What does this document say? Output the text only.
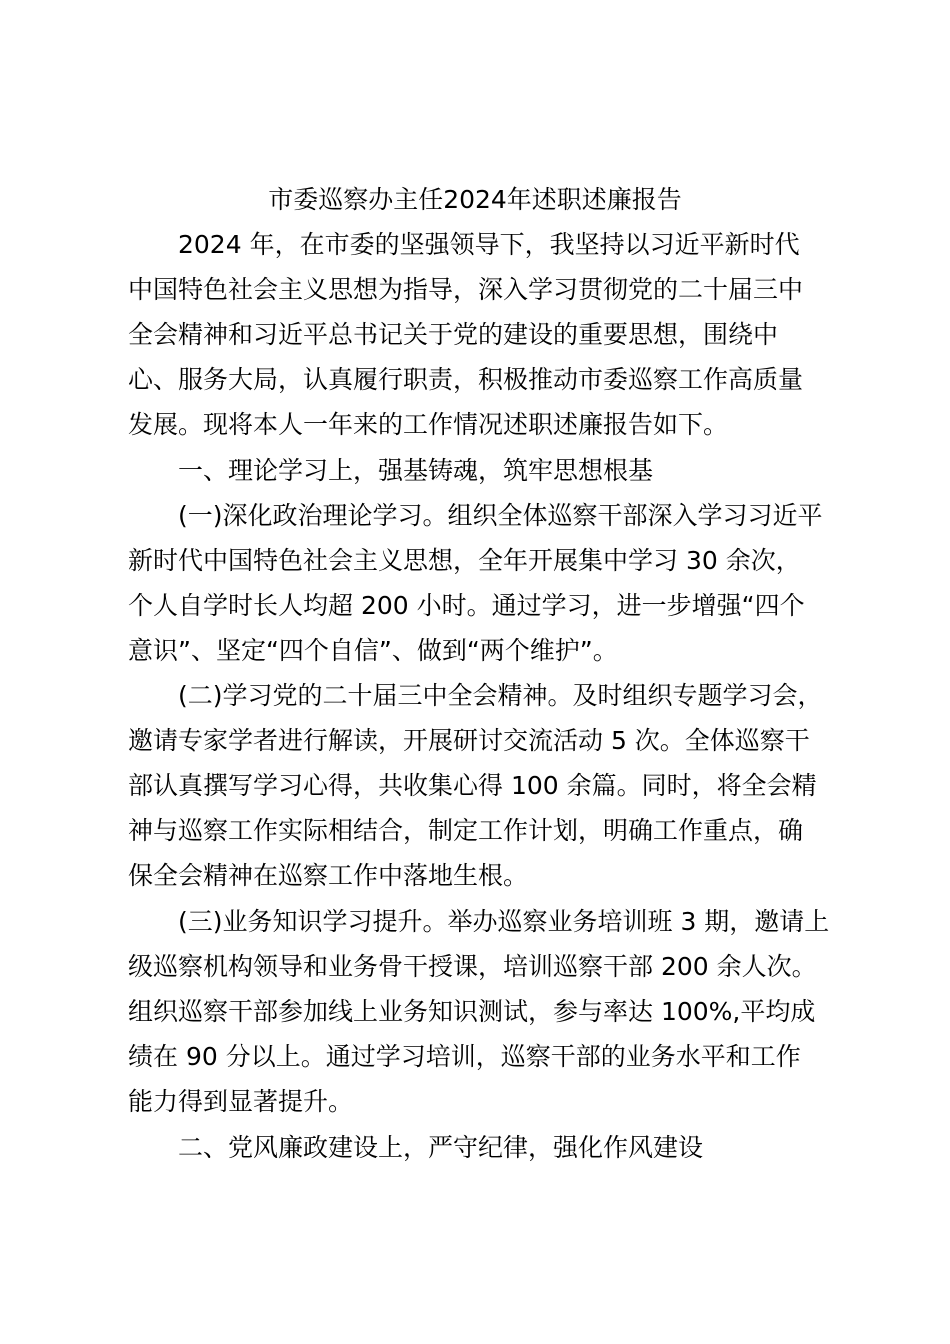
市委巡察办主任2024年述职述廉报告
2024 年，在市委的坚强领导下，我坚持以习近平新时代
中国特色社会主义思想为指导，深入学习贯彻党的二十届三中
全会精神和习近平总书记关于党的建设的重要思想，围绕中
心、服务大局，认真履行职责，积极推动市委巡察工作高质量
发展。现将本人一年来的工作情况述职述廉报告如下。
一、理论学习上，强基铸魂，筑牢思想根基
(一)深化政治理论学习。组织全体巡察干部深入学习习近平
新时代中国特色社会主义思想，全年开展集中学习 30 余次，
个人自学时长人均超 200 小时。通过学习，进一步增强“四个
意识”、坚定“四个自信”、做到“两个维护”。
(二)学习党的二十届三中全会精神。及时组织专题学习会，
邀请专家学者进行解读，开展研讨交流活动 5 次。全体巡察干
部认真撰写学习心得，共收集心得 100 余篇。同时，将全会精
神与巡察工作实际相结合，制定工作计划，明确工作重点，确
保全会精神在巡察工作中落地生根。
(三)业务知识学习提升。举办巡察业务培训班 3 期，邀请上
级巡察机构领导和业务骨干授课，培训巡察干部 200 余人次。
组织巡察干部参加线上业务知识测试，参与率达 100%,平均成
绩在 90 分以上。通过学习培训，巡察干部的业务水平和工作
能力得到显著提升。
二、党风廉政建设上，严守纪律，强化作风建设
